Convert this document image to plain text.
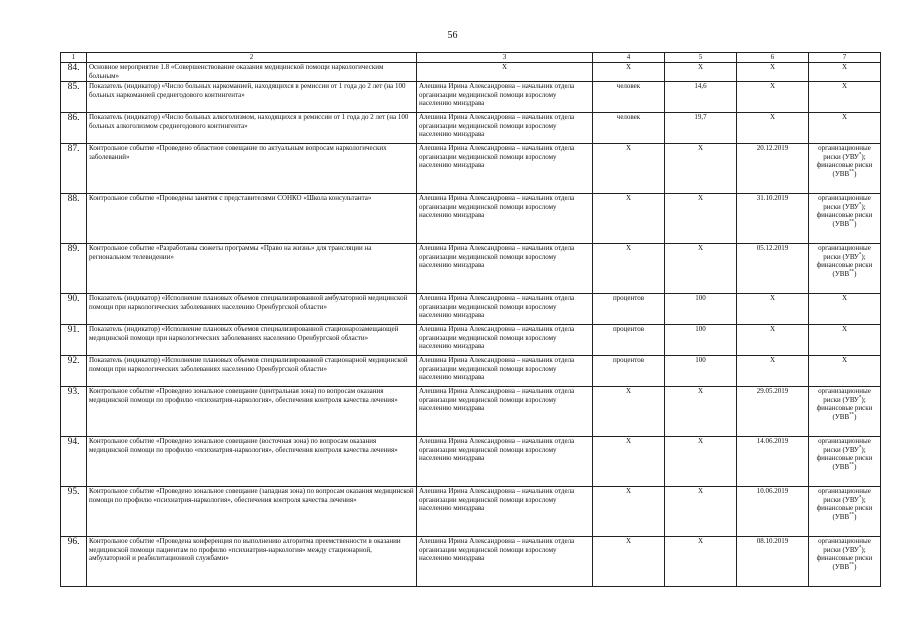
56
1	2	3	4	5	6	7
84.	Основное мероприятие 1.8 «Совершенствование оказания медицинской помощи наркологическим больным»	Х	Х	Х	Х	Х
85.	Показатель (индикатор) «Число больных наркоманией, находящихся в ремиссии от 1 года до 2 лет (на 100 больных наркоманией среднегодового контингента»	Алешина Ирина Александровна – начальник отдела организации медицинской помощи взрослому населению минздрава	человек	14,6	Х	Х
86.	Показатель (индикатор) «Число больных алкоголизмом, находящихся в ремиссии от 1 года до 2 лет (на 100 больных алкоголизмом среднегодового контингента»	Алешина Ирина Александровна – начальник отдела организации медицинской помощи взрослому населению минздрава	человек	19,7	Х	Х
87.	Контрольное событие «Проведено областное совещание по актуальным вопросам наркологических заболеваний»	Алешина Ирина Александровна – начальник отдела организации медицинской помощи взрослому населению минздрава	Х	Х	20.12.2019	организационные риски (УВУ*); финансовые риски (УВВ**)
88.	Контрольное событие «Проведены занятия с представителями СОНКО «Школа консультанта»	Алешина Ирина Александровна – начальник отдела организации медицинской помощи взрослому населению минздрава	Х	Х	31.10.2019	организационные риски (УВУ*); финансовые риски (УВВ**)
89.	Контрольное событие «Разработаны сюжеты программы «Право на жизнь» для трансляции на региональном телевидении»	Алешина Ирина Александровна – начальник отдела организации медицинской помощи взрослому населению минздрава	Х	Х	05.12.2019	организационные риски (УВУ*); финансовые риски (УВВ**)
90.	Показатель (индикатор) «Исполнение плановых объемов специализированной амбулаторной медицинской помощи при наркологических заболеваниях населению Оренбургской области»	Алешина Ирина Александровна – начальник отдела организации медицинской помощи взрослому населению минздрава	процентов	100	Х	Х
91.	Показатель (индикатор) «Исполнение плановых объемов специализированной стационарозамещающей медицинской помощи при наркологических заболеваниях населению Оренбургской области»	Алешина Ирина Александровна – начальник отдела организации медицинской помощи взрослому населению минздрава	процентов	100	Х	Х
92.	Показатель (индикатор) «Исполнение плановых объемов специализированной стационарной медицинской помощи при наркологических заболеваниях населению Оренбургской области»	Алешина Ирина Александровна – начальник отдела организации медицинской помощи взрослому населению минздрава	процентов	100	Х	Х
93.	Контрольное событие «Проведено зональное совещание (центральная зона) по вопросам оказания медицинской помощи по профилю «психиатрия-наркология», обеспечения контроля качества лечения»	Алешина Ирина Александровна – начальник отдела организации медицинской помощи взрослому населению минздрава	Х	Х	29.05.2019	организационные риски (УВУ*); финансовые риски (УВВ**)
94.	Контрольное событие «Проведено зональное совещание (восточная зона) по вопросам оказания медицинской помощи по профилю «психиатрия-наркология», обеспечения контроля качества лечения»	Алешина Ирина Александровна – начальник отдела организации медицинской помощи взрослому населению минздрава	Х	Х	14.06.2019	организационные риски (УВУ*); финансовые риски (УВВ**)
95.	Контрольное событие «Проведено зональное совещание (западная зона) по вопросам оказания медицинской помощи по профилю «психиатрия-наркология», обеспечения контроля качества лечения»	Алешина Ирина Александровна – начальник отдела организации медицинской помощи взрослому населению минздрава	Х	Х	10.06.2019	организационные риски (УВУ*); финансовые риски (УВВ**)
96.	Контрольное событие «Проведена конференция по выполнению алгоритма преемственности в оказании медицинской помощи пациентам по профилю «психиатрия-наркология» между стационарной, амбулаторной и реабилитационной службами»	Алешина Ирина Александровна – начальник отдела организации медицинской помощи взрослому населению минздрава	Х	Х	08.10.2019	организационные риски (УВУ*); финансовые риски (УВВ**)
